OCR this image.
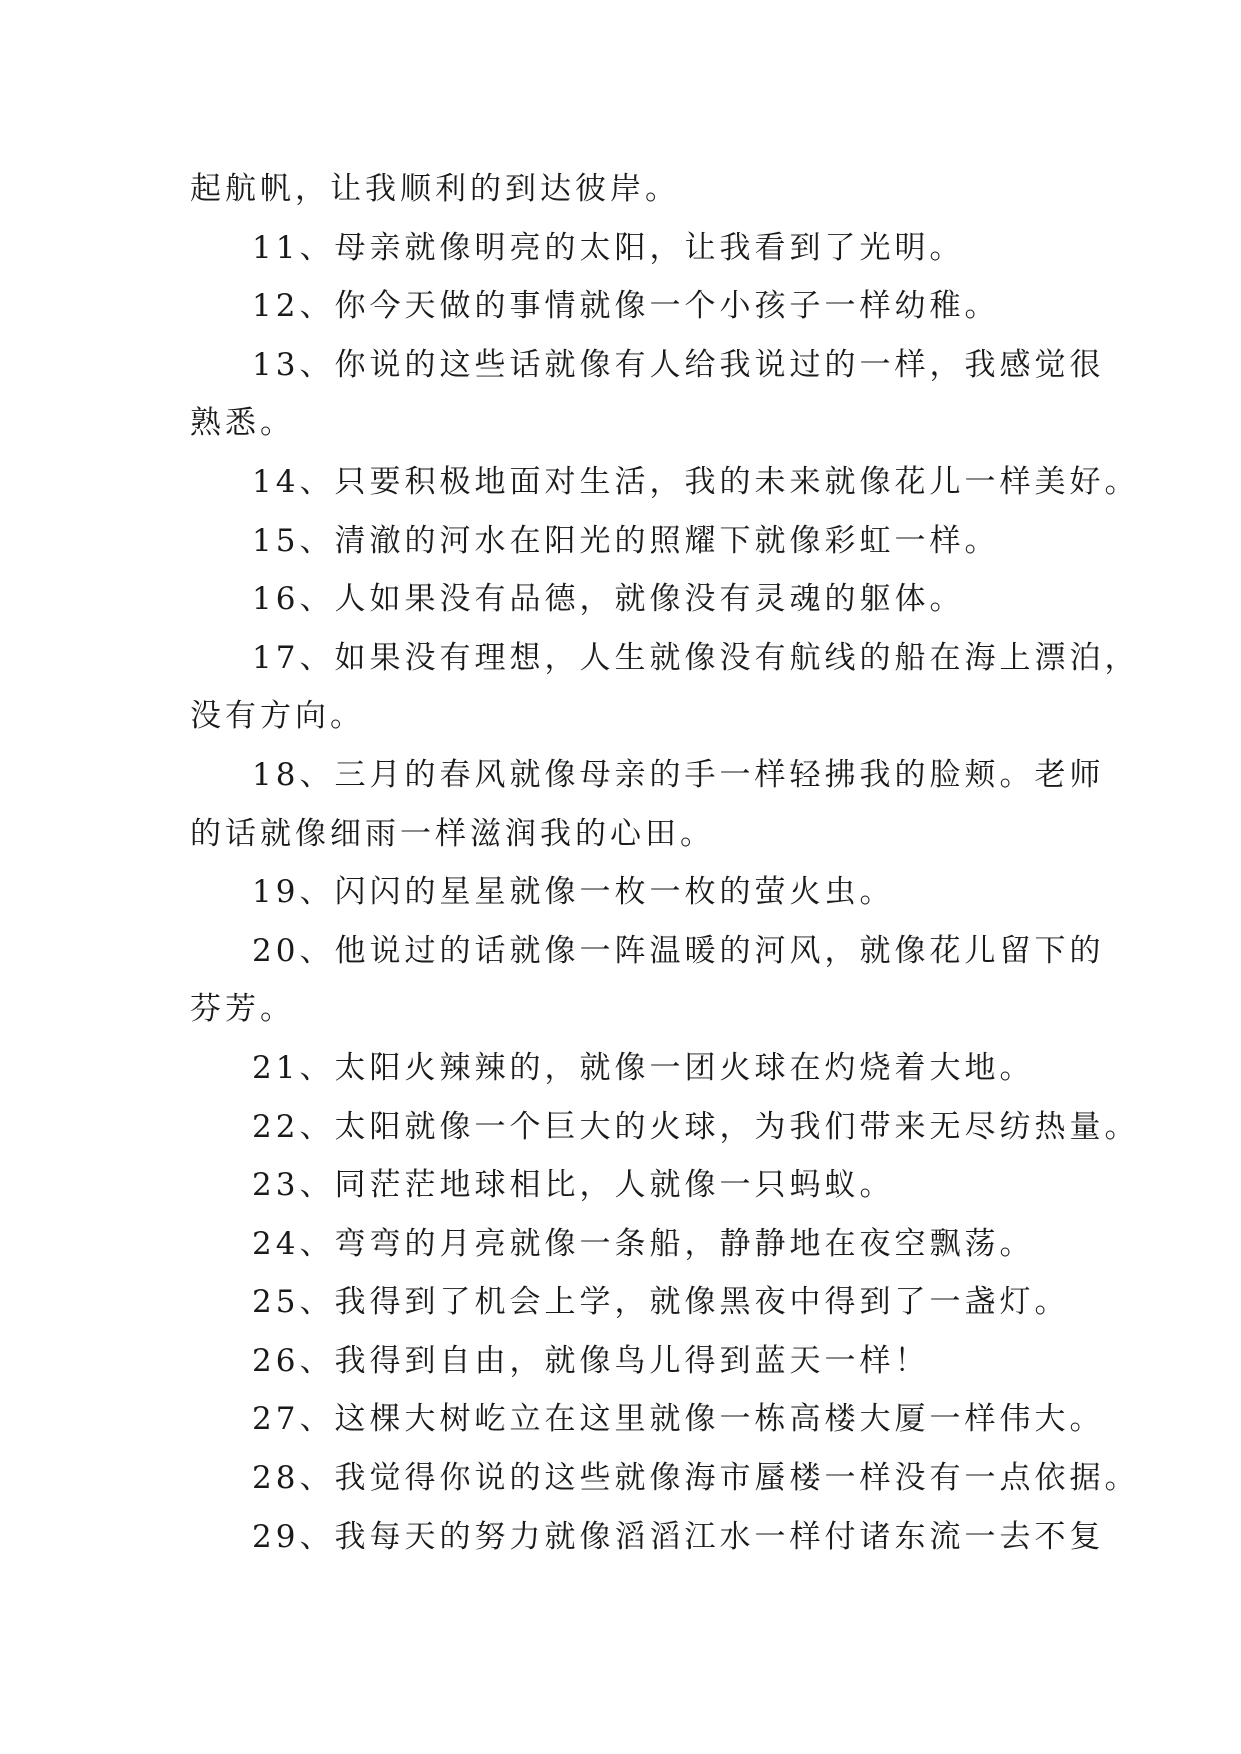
起航帆，让我顺利的到达彼岸。
11、母亲就像明亮的太阳，让我看到了光明。
12、你今天做的事情就像一个小孩子一样幼稚。
13、你说的这些话就像有人给我说过的一样，我感觉很
熟悉。
14、只要积极地面对生活，我的未来就像花儿一样美好。
15、清澈的河水在阳光的照耀下就像彩虹一样。
16、人如果没有品德，就像没有灵魂的躯体。
17、如果没有理想，人生就像没有航线的船在海上漂泊，
没有方向。
18、三月的春风就像母亲的手一样轻拂我的脸颊。老师
的话就像细雨一样滋润我的心田。
19、闪闪的星星就像一枚一枚的萤火虫。
20、他说过的话就像一阵温暖的河风，就像花儿留下的
芬芳。
21、太阳火辣辣的，就像一团火球在灼烧着大地。
22、太阳就像一个巨大的火球，为我们带来无尽纺热量。
23、同茫茫地球相比，人就像一只蚂蚁。
24、弯弯的月亮就像一条船，静静地在夜空飘荡。
25、我得到了机会上学，就像黑夜中得到了一盏灯。
26、我得到自由，就像鸟儿得到蓝天一样！
27、这棵大树屹立在这里就像一栋高楼大厦一样伟大。
28、我觉得你说的这些就像海市蜃楼一样没有一点依据。
29、我每天的努力就像滔滔江水一样付诸东流一去不复
